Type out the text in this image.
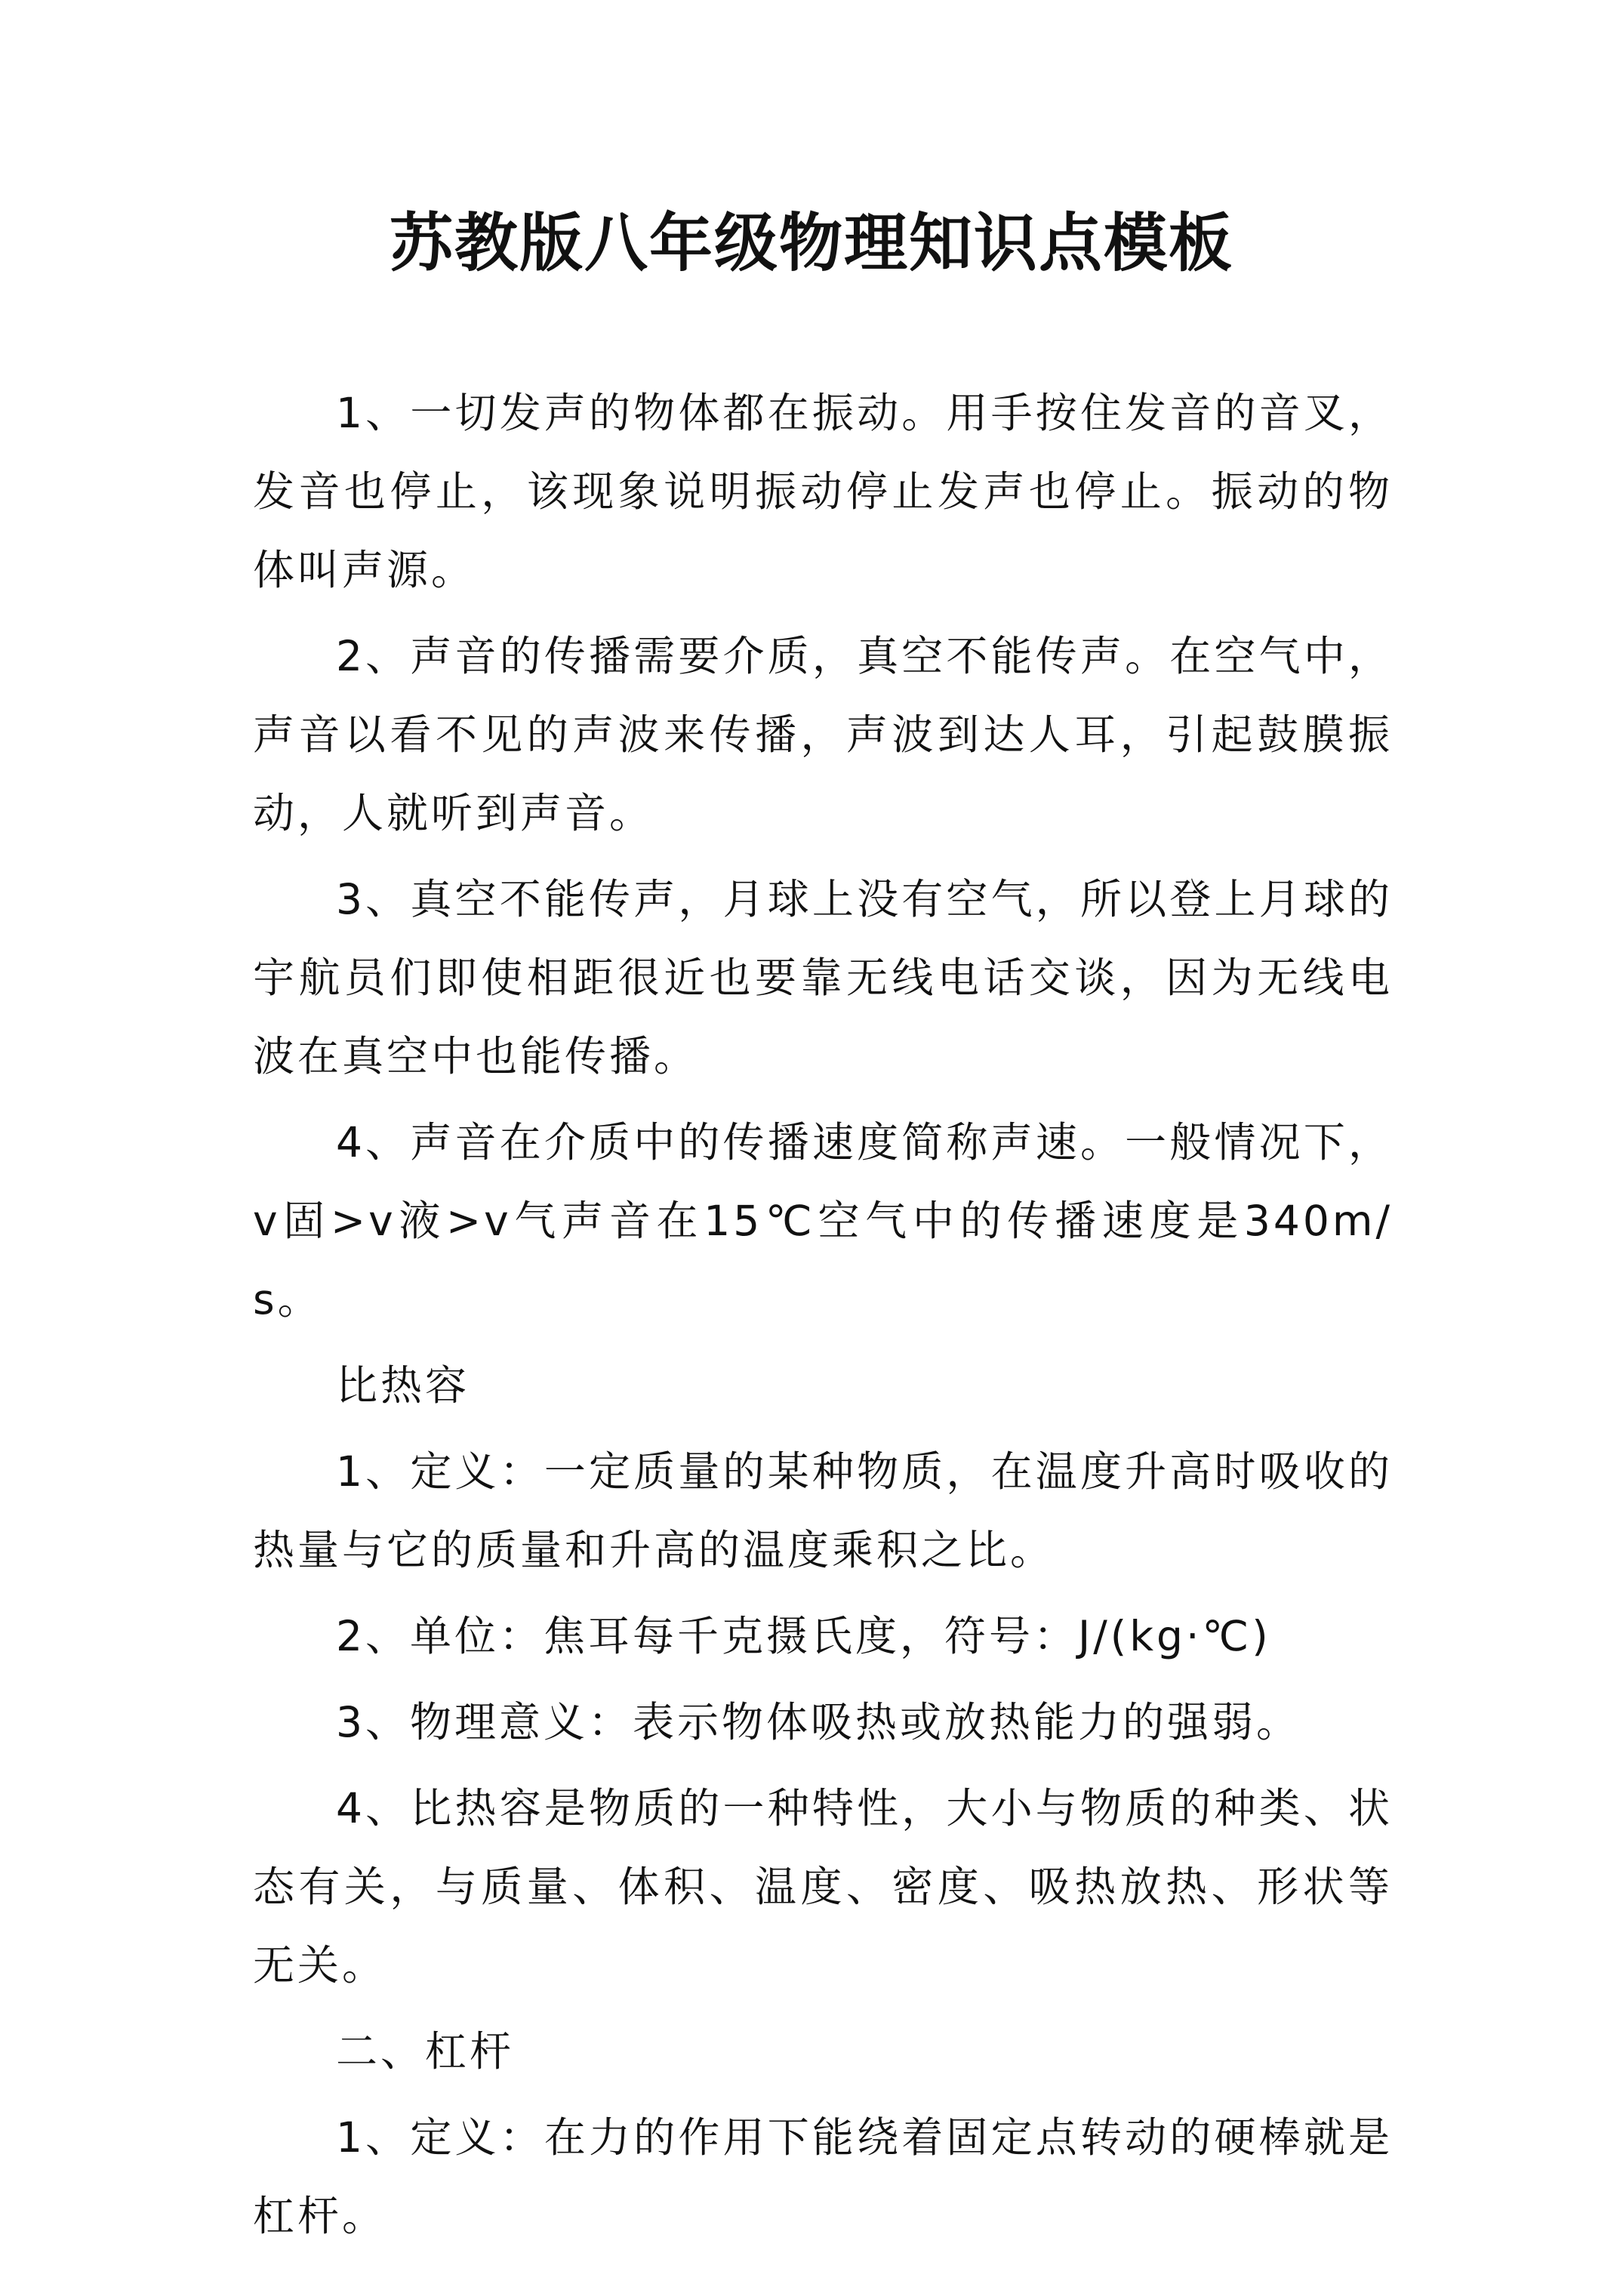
苏教版八年级物理知识点模板

1、一切发声的物体都在振动。用手按住发音的音叉，发音也停止，该现象说明振动停止发声也停止。振动的物体叫声源。

2、声音的传播需要介质，真空不能传声。在空气中，声音以看不见的声波来传播，声波到达人耳，引起鼓膜振动，人就听到声音。

3、真空不能传声，月球上没有空气，所以登上月球的宇航员们即使相距很近也要靠无线电话交谈，因为无线电波在真空中也能传播。

4、声音在介质中的传播速度简称声速。一般情况下，v固>v液>v气声音在15℃空气中的传播速度是340m/s。

比热容

1、定义：一定质量的某种物质，在温度升高时吸收的热量与它的质量和升高的温度乘积之比。

2、单位：焦耳每千克摄氏度，符号：J/(kg·℃)

3、物理意义：表示物体吸热或放热能力的强弱。

4、比热容是物质的一种特性，大小与物质的种类、状态有关，与质量、体积、温度、密度、吸热放热、形状等无关。

二、杠杆

1、定义：在力的作用下能绕着固定点转动的硬棒就是杠杆。
